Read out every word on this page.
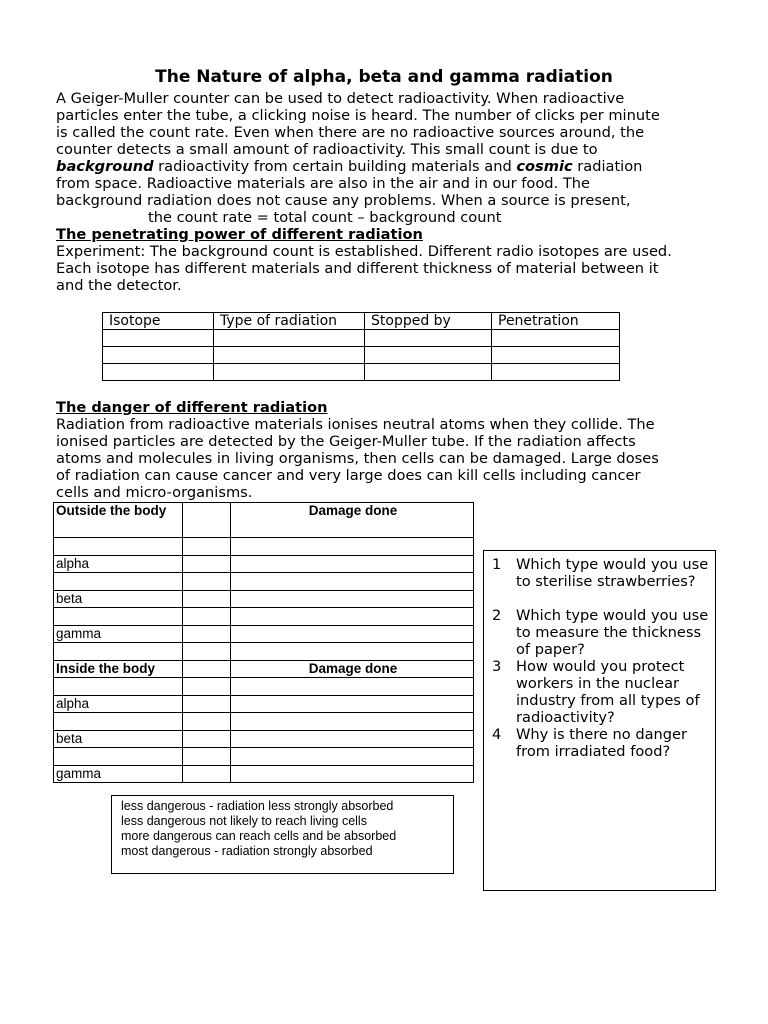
The Nature of alpha, beta and gamma radiation
A Geiger-Muller counter can be used to detect radioactivity. When radioactive
particles enter the tube, a clicking noise is heard. The number of clicks per minute
is called the count rate. Even when there are no radioactive sources around, the
counter detects a small amount of radioactivity. This small count is due to
background radioactivity from certain building materials and cosmic radiation
from space. Radioactive materials are also in the air and in our food. The
background radiation does not cause any problems. When a source is present,
the count rate = total count – background count
The penetrating power of different radiation
Experiment: The background count is established. Different radio isotopes are used.
Each isotope has different materials and different thickness of material between it
and the detector.
Isotope	Type of radiation	Stopped by	Penetration

The danger of different radiation
Radiation from radioactive materials ionises neutral atoms when they collide. The
ionised particles are detected by the Geiger-Muller tube. If the radiation affects
atoms and molecules in living organisms, then cells can be damaged. Large doses
of radiation can cause cancer and very large does can kill cells including cancer
cells and micro-organisms.
Outside the body		Damage done

alpha		

beta		

gamma		

Inside the body		Damage done

alpha		

beta		

gamma		
less dangerous - radiation less strongly absorbed
less dangerous not likely to reach living cells
more dangerous can reach cells and be absorbed
most dangerous - radiation strongly absorbed
1 Which type would you use to sterilise strawberries?
2 Which type would you use to measure the thickness of paper?
3 How would you protect workers in the nuclear industry from all types of radioactivity?
4 Why is there no danger from irradiated food?
